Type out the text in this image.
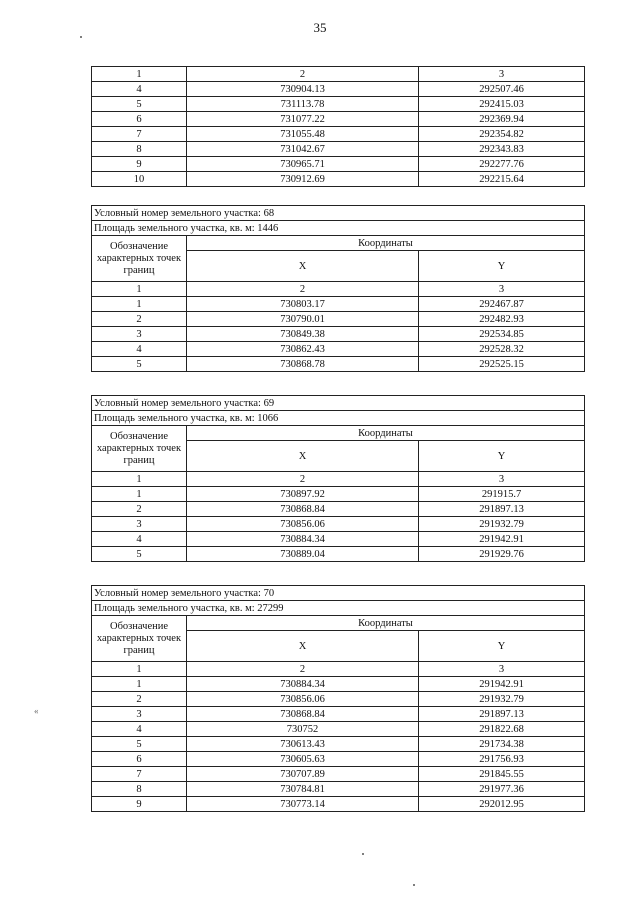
35
1	2	3
4	730904.13	292507.46
5	731113.78	292415.03
6	731077.22	292369.94
7	731055.48	292354.82
8	731042.67	292343.83
9	730965.71	292277.76
10	730912.69	292215.64
Условный номер земельного участка: 68		
Площадь земельного участка, кв. м: 1446		
Обозначение характерных точек границ	Координаты	
	X	Y
1	2	3
1	730803.17	292467.87
2	730790.01	292482.93
3	730849.38	292534.85
4	730862.43	292528.32
5	730868.78	292525.15
Условный номер земельного участка: 69		
Площадь земельного участка, кв. м: 1066		
Обозначение характерных точек границ	Координаты	
	X	Y
1	2	3
1	730897.92	291915.7
2	730868.84	291897.13
3	730856.06	291932.79
4	730884.34	291942.91
5	730889.04	291929.76
Условный номер земельного участка: 70		
Площадь земельного участка, кв. м: 27299		
Обозначение характерных точек границ	Координаты	
	X	Y
1	2	3
1	730884.34	291942.91
2	730856.06	291932.79
3	730868.84	291897.13
4	730752	291822.68
5	730613.43	291734.38
6	730605.63	291756.93
7	730707.89	291845.55
8	730784.81	291977.36
9	730773.14	292012.95
«
